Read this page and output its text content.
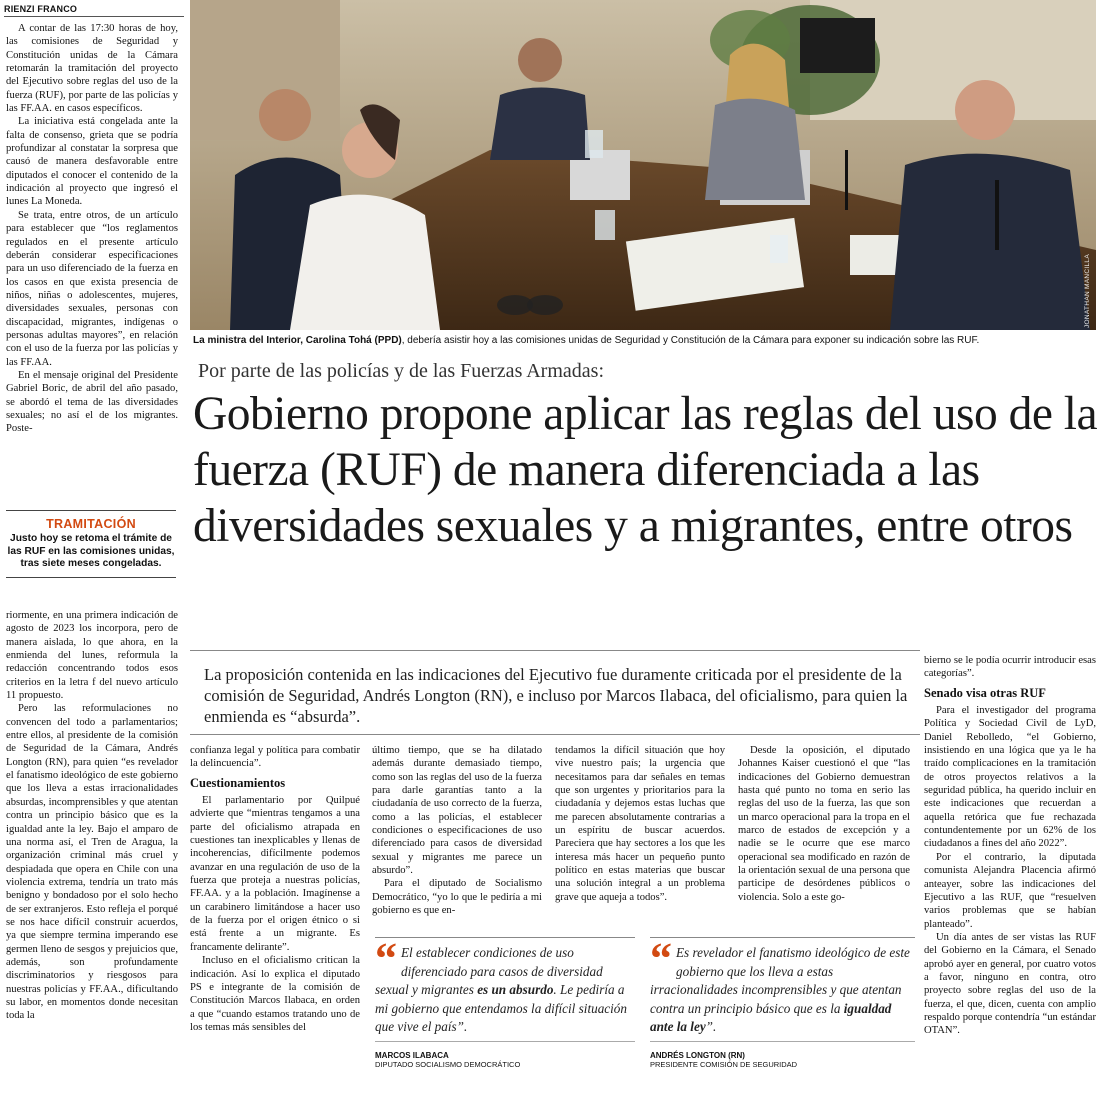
RIENZI FRANCO

A contar de las 17:30 horas de hoy, las comisiones de Seguridad y Constitución unidas de la Cámara retomarán la tramitación del proyecto del Ejecutivo sobre reglas del uso de la fuerza (RUF), por parte de las policías y las FF.AA. en casos específicos.

La iniciativa está congelada ante la falta de consenso, grieta que se podría profundizar al constatar la sorpresa que causó de manera desfavorable entre diputados el conocer el contenido de la indicación al proyecto que ingresó el lunes La Moneda.

Se trata, entre otros, de un artículo para establecer que “los reglamentos regulados en el presente artículo deberán considerar especificaciones para un uso diferenciado de la fuerza en los casos en que exista presencia de niños, niñas o adolescentes, mujeres, diversidades sexuales, personas con discapacidad, migrantes, indígenas o personas adultas mayores”, en relación con el uso de la fuerza por las policías y las FF.AA.

En el mensaje original del Presidente Gabriel Boric, de abril del año pasado, se abordó el tema de las diversidades sexuales; no así el de los migrantes. Poste-

TRAMITACIÓN
Justo hoy se retoma el trámite de las RUF en las comisiones unidas, tras siete meses congeladas.

riormente, en una primera indicación de agosto de 2023 los incorpora, pero de manera aislada, lo que ahora, en la enmienda del lunes, reformula la redacción concentrando todos esos criterios en la letra f del nuevo artículo 11 propuesto.

Pero las reformulaciones no convencen del todo a parlamentarios; entre ellos, al presidente de la comisión de Seguridad de la Cámara, Andrés Longton (RN), para quien “es revelador el fanatismo ideológico de este gobierno que los lleva a estas irracionalidades absurdas, incomprensibles y que atentan contra un principio básico que es la igualdad ante la ley. Bajo el amparo de una norma así, el Tren de Aragua, la organización criminal más cruel y despiadada que opera en Chile con una violencia extrema, tendría un trato más benigno y bondadoso por el solo hecho de ser extranjeros. Esto refleja el porqué se nos hace difícil construir acuerdos, ya que siempre termina imperando ese germen lleno de sesgos y prejuicios que, además, son profundamente discriminatorios y riesgosos para nuestras policías y FF.AA., dificultando su labor, en momentos donde necesitan toda la

JONATHAN MANCILLA
La ministra del Interior, Carolina Tohá (PPD), debería asistir hoy a las comisiones unidas de Seguridad y Constitución de la Cámara para exponer su indicación sobre las RUF.
Por parte de las policías y de las Fuerzas Armadas:
Gobierno propone aplicar las reglas del uso de la fuerza (RUF) de manera diferenciada a las diversidades sexuales y a migrantes, entre otros
La proposición contenida en las indicaciones del Ejecutivo fue duramente criticada por el presidente de la comisión de Seguridad, Andrés Longton (RN), e incluso por Marcos Ilabaca, del oficialismo, para quien la enmienda es “absurda”.

confianza legal y política para combatir la delincuencia”.

Cuestionamientos

El parlamentario por Quilpué advierte que “mientras tengamos a una parte del oficialismo atrapada en cuestiones tan inexplicables y llenas de incoherencias, difícilmente podemos avanzar en una regulación de uso de la fuerza que proteja a nuestras policías, FF.AA. y a la población. Imagínense a un carabinero limitándose a hacer uso de la fuerza por el origen étnico o si está frente a un migrante. Es francamente delirante”.

Incluso en el oficialismo critican la indicación. Así lo explica el diputado PS e integrante de la comisión de Constitución Marcos Ilabaca, en orden a que “cuando estamos tratando uno de los temas más sensibles del

último tiempo, que se ha dilatado además durante demasiado tiempo, como son las reglas del uso de la fuerza para darle garantías tanto a la ciudadanía de uso correcto de la fuerza, como a las policías, el establecer condiciones o especificaciones de uso diferenciado para casos de diversidad sexual y migrantes me parece un absurdo”.

Para el diputado de Socialismo Democrático, “yo lo que le pediría a mi gobierno es que en-

tendamos la difícil situación que hoy vive nuestro país; la urgencia que necesitamos para dar señales en temas que son urgentes y prioritarios para la ciudadanía y dejemos estas luchas que me parecen absolutamente contrarias a un espíritu de buscar acuerdos. Pareciera que hay sectores a los que les interesa más hacer un pequeño punto político en estas materias que buscar una solución integral a un problema grave que aqueja a todos”.

Desde la oposición, el diputado Johannes Kaiser cuestionó el que “las indicaciones del Gobierno demuestran hasta qué punto no toma en serio las reglas del uso de la fuerza, las que son un marco operacional para la tropa en el marco de estados de excepción y a nadie se le ocurre que ese marco operacional sea modificado en razón de la orientación sexual de una persona que participe de desórdenes públicos o violencia. Solo a este go-

bierno se le podía ocurrir introducir esas categorías”.

Senado visa otras RUF

Para el investigador del programa Política y Sociedad Civil de LyD, Daniel Rebolledo, “el Gobierno, insistiendo en una lógica que ya le ha traído complicaciones en la tramitación de otros proyectos relativos a la seguridad pública, ha querido incluir en este indicaciones que recuerdan a aquella retórica que fue rechazada contundentemente por un 62% de los ciudadanos a fines del año 2022”.

Por el contrario, la diputada comunista Alejandra Placencia afirmó anteayer, sobre las indicaciones del Ejecutivo a las RUF, que “resuelven varios problemas que se habían planteado”.

Un día antes de ser vistas las RUF del Gobierno en la Cámara, el Senado aprobó ayer en general, por cuatro votos a favor, ninguno en contra, otro proyecto sobre reglas del uso de la fuerza, el que, dicen, cuenta con amplio respaldo porque contendría “un estándar OTAN”.

“ El establecer condiciones de uso diferenciado para casos de diversidad sexual y migrantes es un absurdo. Le pediría a mi gobierno que entendamos la difícil situación que vive el país”.
MARCOS ILABACA
DIPUTADO SOCIALISMO DEMOCRÁTICO
“ Es revelador el fanatismo ideológico de este gobierno que los lleva a estas irracionalidades incomprensibles y que atentan contra un principio básico que es la igualdad ante la ley”.
ANDRÉS LONGTON (RN)
PRESIDENTE COMISIÓN DE SEGURIDAD
